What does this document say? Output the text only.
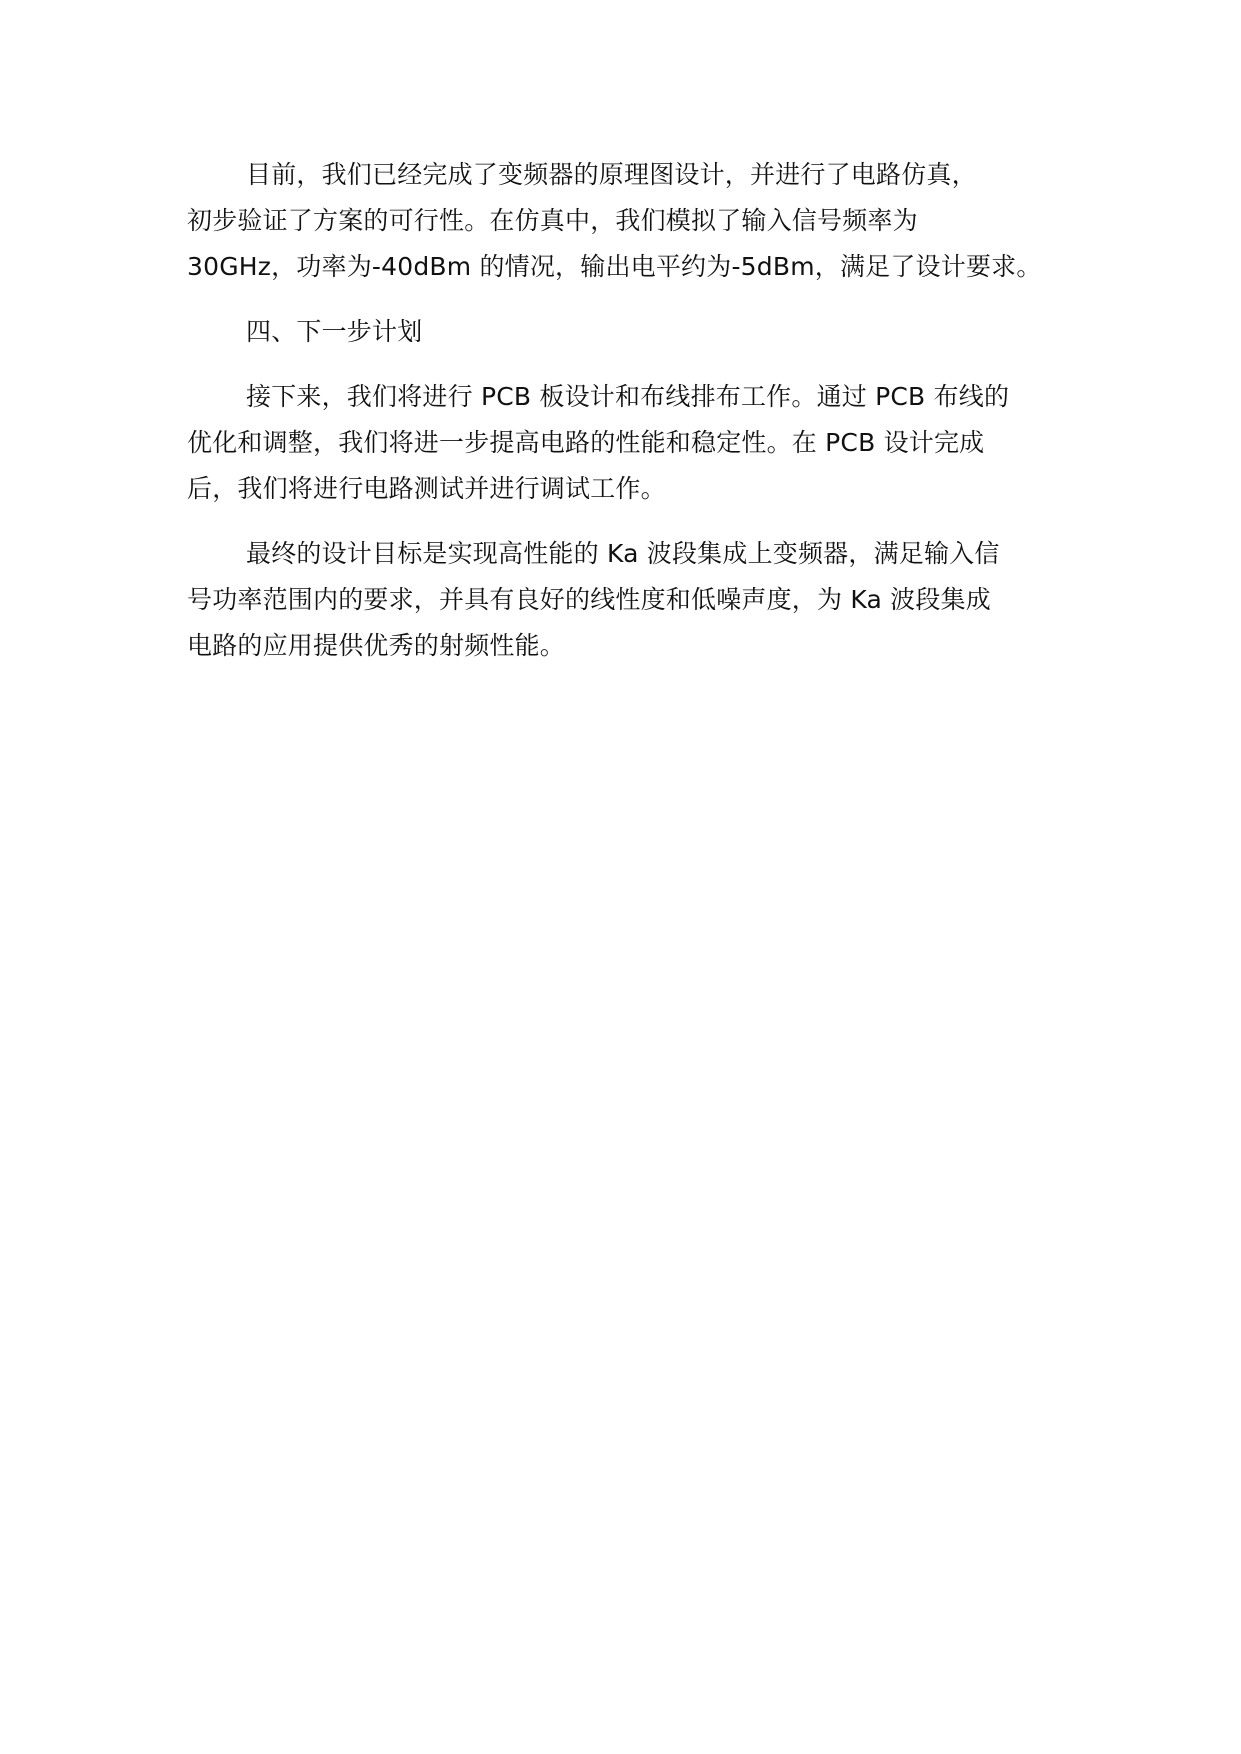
目前，我们已经完成了变频器的原理图设计，并进行了电路仿真，
初步验证了方案的可行性。在仿真中，我们模拟了输入信号频率为
30GHz，功率为-40dBm 的情况，输出电平约为-5dBm，满足了设计要求。

四、下一步计划

接下来，我们将进行 PCB 板设计和布线排布工作。通过 PCB 布线的
优化和调整，我们将进一步提高电路的性能和稳定性。在 PCB 设计完成
后，我们将进行电路测试并进行调试工作。

最终的设计目标是实现高性能的 Ka 波段集成上变频器，满足输入信
号功率范围内的要求，并具有良好的线性度和低噪声度，为 Ka 波段集成
电路的应用提供优秀的射频性能。
